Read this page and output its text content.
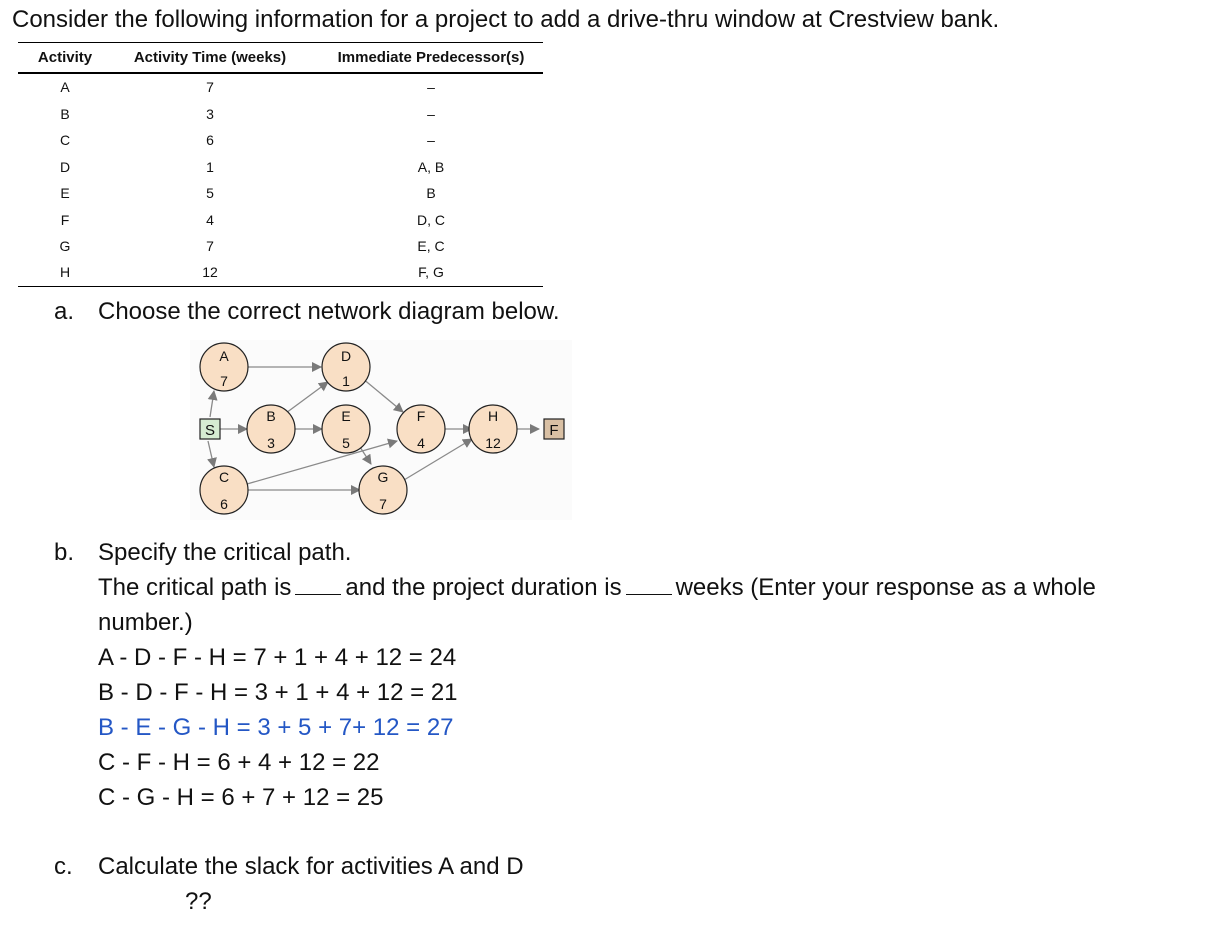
Consider the following information for a project to add a drive-thru window at Crestview bank.
Activity	Activity Time (weeks)	Immediate Predecessor(s)
A	7	–
B	3	–
C	6	–
D	1	A, B
E	5	B
F	4	D, C
G	7	E, C
H	12	F, G
a. Choose the correct network diagram below.
S	F
A
7
D
1
B
3
E
5
F
4
H
12
C
6
G
7
b. Specify the critical path.
The critical path is and the project duration is weeks (Enter your response as a whole
number.)
A - D - F - H = 7 + 1 + 4 + 12 = 24
B - D - F - H = 3 + 1 + 4 + 12 = 21
B - E - G - H = 3 + 5 + 7+ 12 = 27
C - F - H = 6 + 4 + 12 = 22
C - G - H = 6 + 7 + 12 = 25
c. Calculate the slack for activities A and D
??
